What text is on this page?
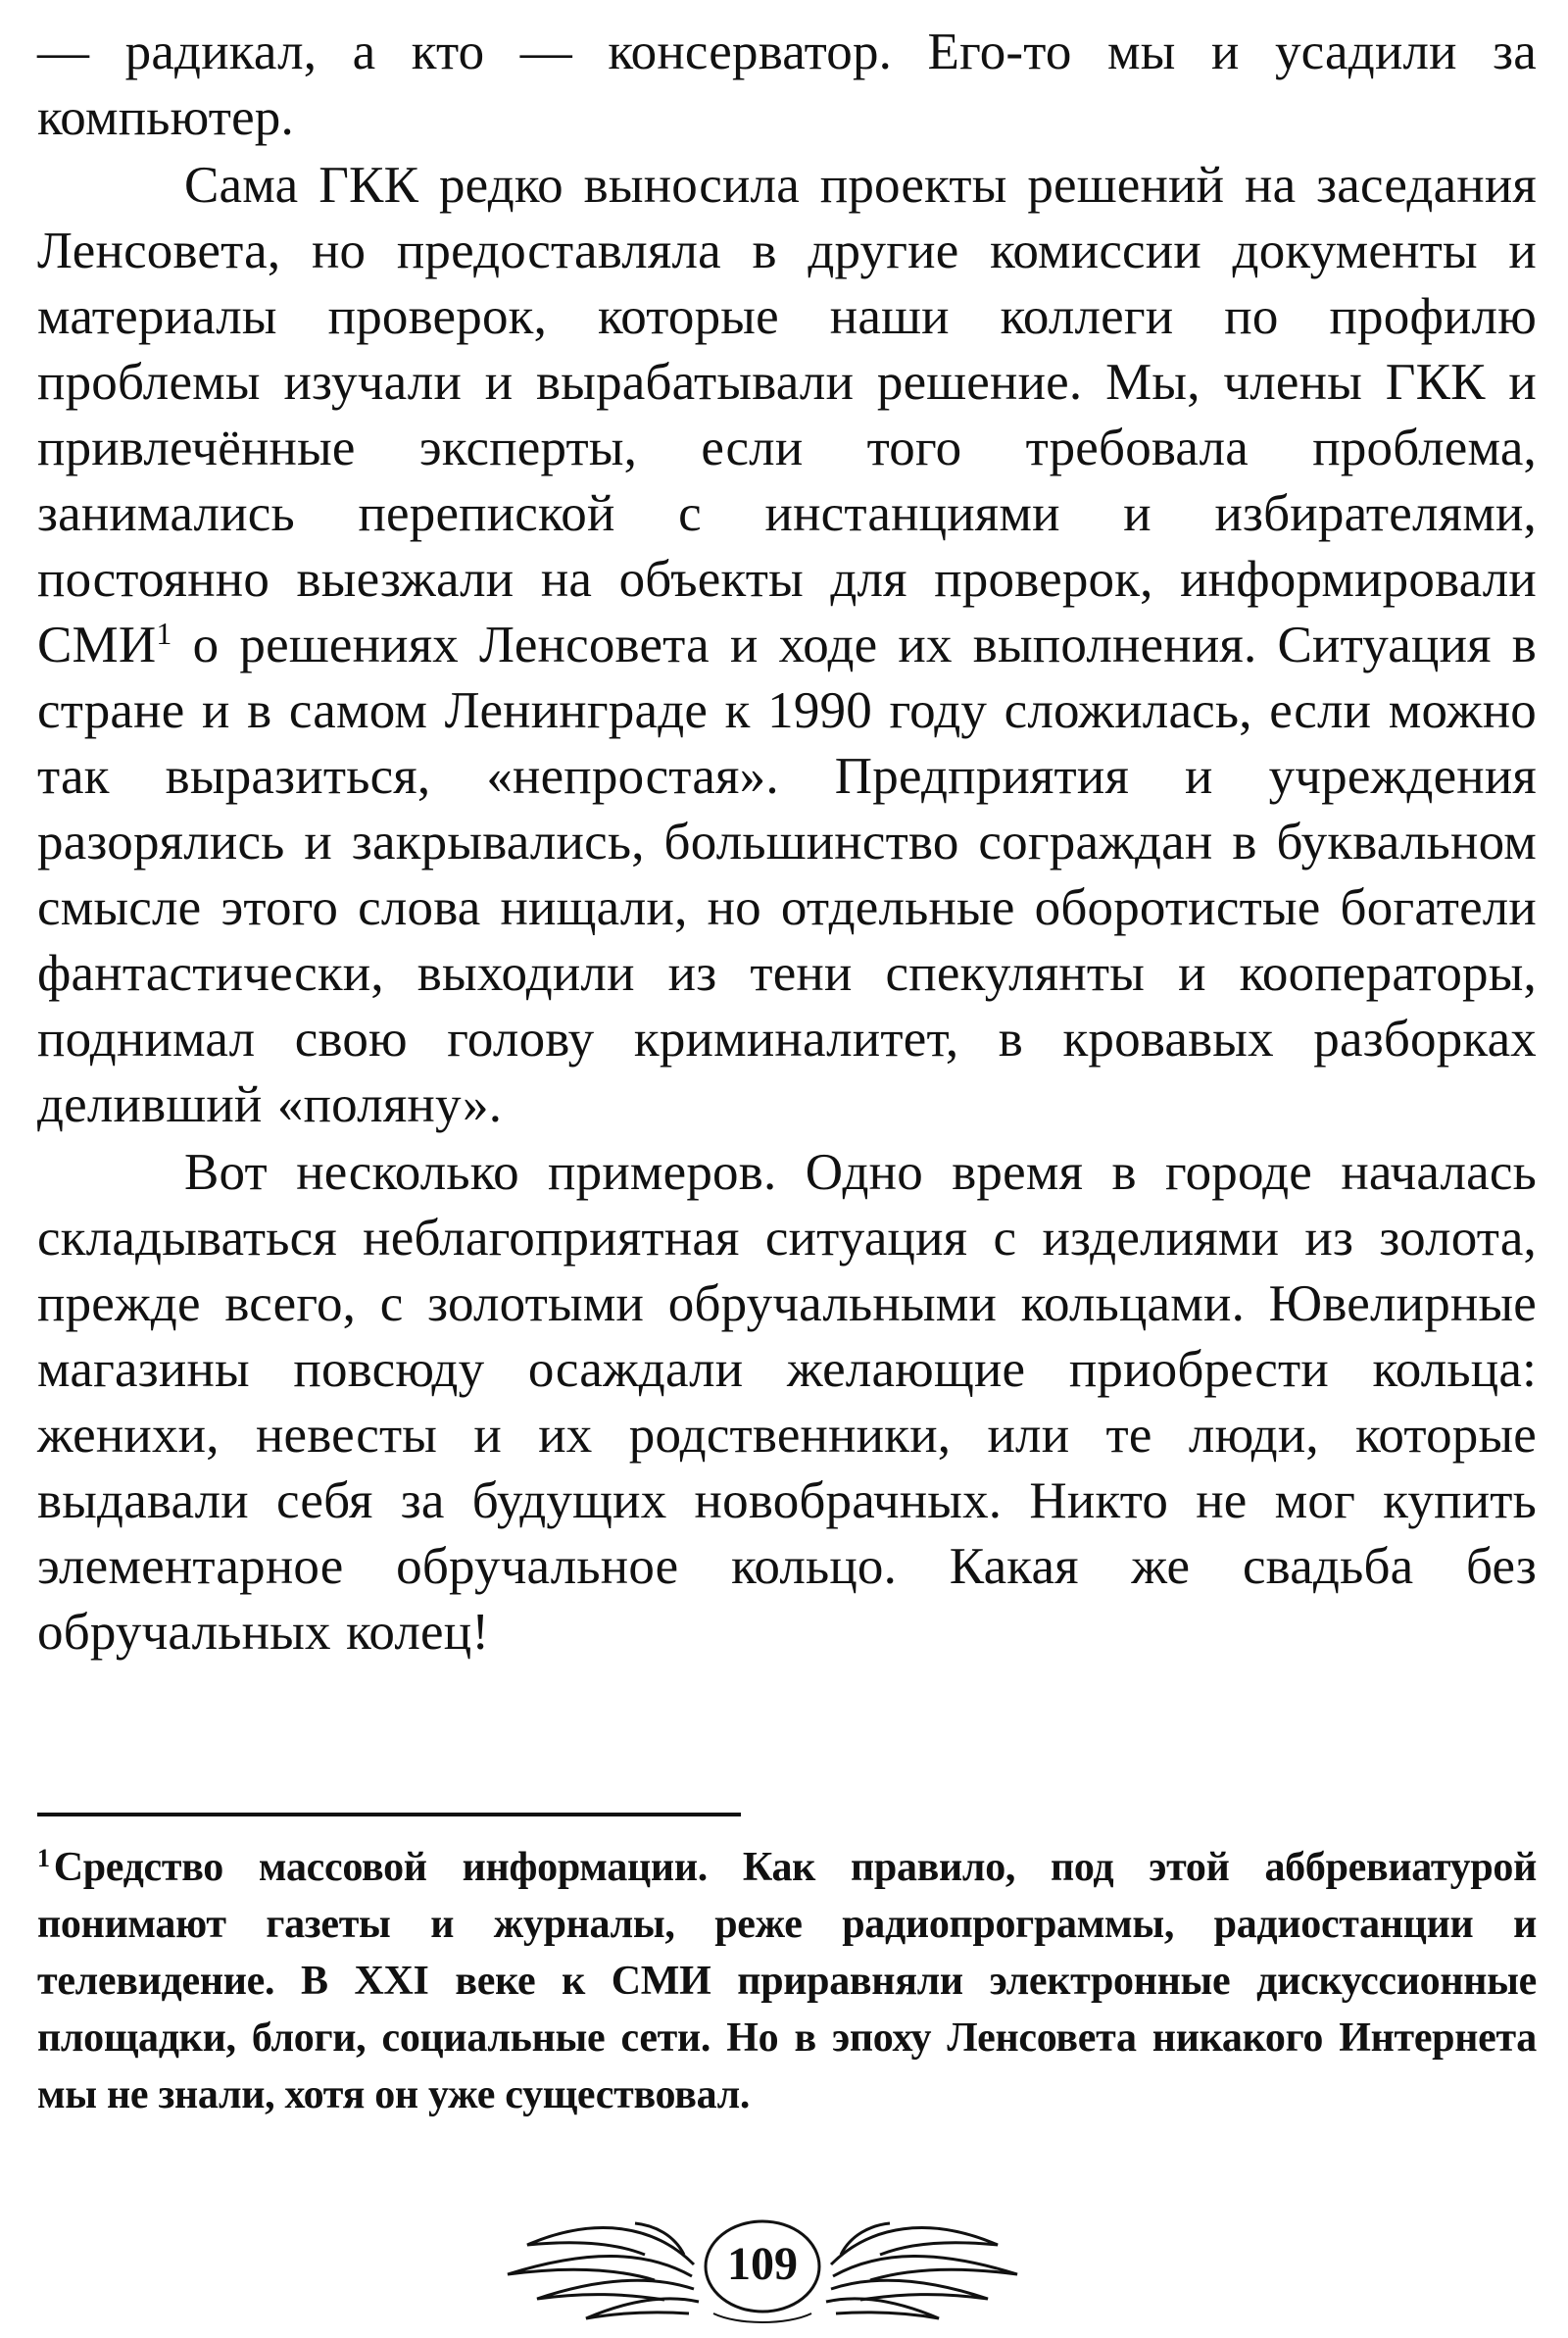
— радикал, а кто — консерватор. Его-то мы и усадили за компьютер.

Сама ГКК редко выносила проекты решений на заседания Ленсовета, но предоставляла в другие комиссии документы и материалы проверок, которые наши коллеги по профилю проблемы изучали и вырабатывали решение. Мы, члены ГКК и привлечённые эксперты, если того требовала проблема, занимались перепиской с инстанциями и избирателями, постоянно выезжали на объекты для проверок, информировали СМИ$^1$ о решениях Ленсовета и ходе их выполнения. Ситуация в стране и в самом Ленинграде к 1990 году сложилась, если можно так выразиться, «непростая». Предприятия и учреждения разорялись и закрывались, большинство сограждан в буквальном смысле этого слова нищали, но отдельные оборотистые богатели фантастически, выходили из тени спекулянты и кооператоры, поднимал свою голову криминалитет, в кровавых разборках деливший «поляну».

Вот несколько примеров. Одно время в городе началась складываться неблагоприятная ситуация с изделиями из золота, прежде всего, с золотыми обручальными кольцами. Ювелирные магазины повсюду осаждали желающие приобрести кольца: женихи, невесты и их родственники, или те люди, которые выдавали себя за будущих новобрачных. Никто не мог купить элементарное обручальное кольцо. Какая же свадьба без обручальных колец!

$^1$Средство массовой информации. Как правило, под этой аббревиатурой понимают газеты и журналы, реже радиопрограммы, радиостанции и телевидение. В XXI веке к СМИ приравняли электронные дискуссионные площадки, блоги, социальные сети. Но в эпоху Ленсовета никакого Интернета мы не знали, хотя он уже существовал.
109
